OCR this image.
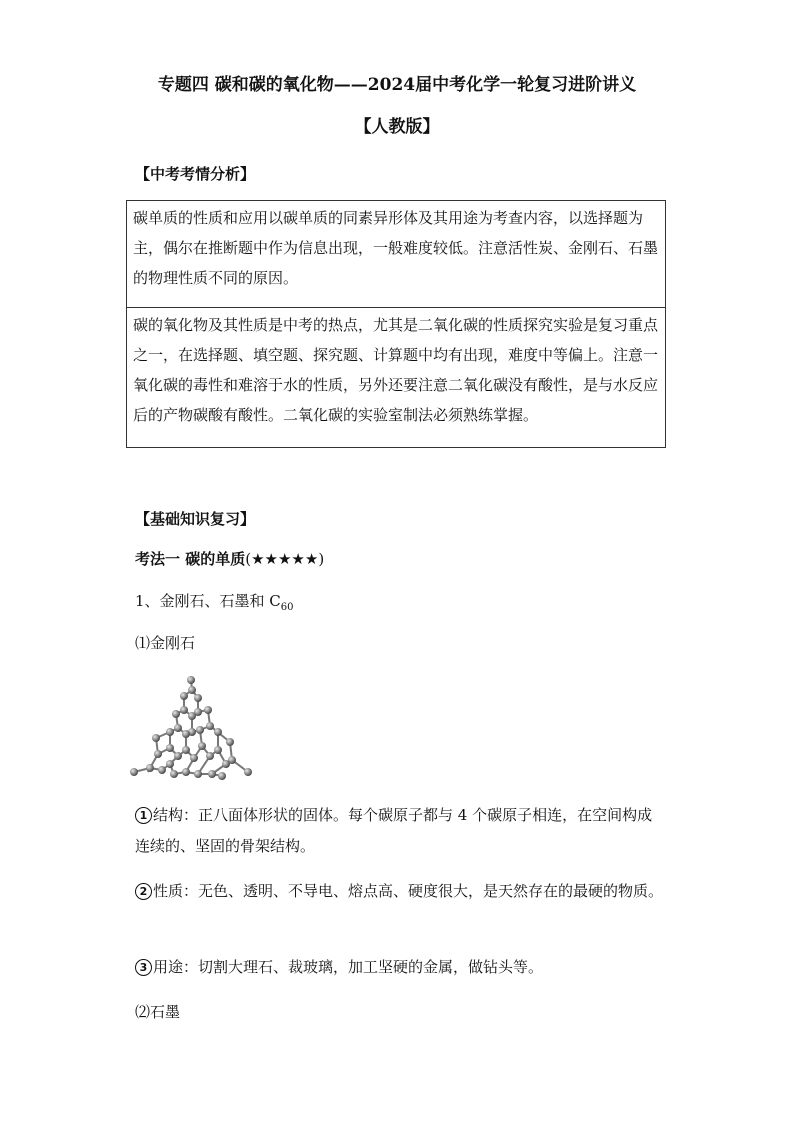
专题四 碳和碳的氧化物——2024届中考化学一轮复习进阶讲义
【人教版】
【中考考情分析】
碳单质的性质和应用以碳单质的同素异形体及其用途为考查内容，以选择题为主，偶尔在推断题中作为信息出现，一般难度较低。注意活性炭、金刚石、石墨的物理性质不同的原因。
碳的氧化物及其性质是中考的热点，尤其是二氧化碳的性质探究实验是复习重点之一，在选择题、填空题、探究题、计算题中均有出现，难度中等偏上。注意一氧化碳的毒性和难溶于水的性质，另外还要注意二氧化碳没有酸性，是与水反应后的产物碳酸有酸性。二氧化碳的实验室制法必须熟练掌握。
【基础知识复习】
考法一 碳的单质(★★★★★)
1、金刚石、石墨和 $C_{60}$
⑴金刚石
1 结构：正八面体形状的固体。每个碳原子都与 4 个碳原子相连，在空间构成连续的、坚固的骨架结构。
2 性质：无色、透明、不导电、熔点高、硬度很大，是天然存在的最硬的物质。
3 用途：切割大理石、裁玻璃，加工坚硬的金属，做钻头等。
⑵石墨
